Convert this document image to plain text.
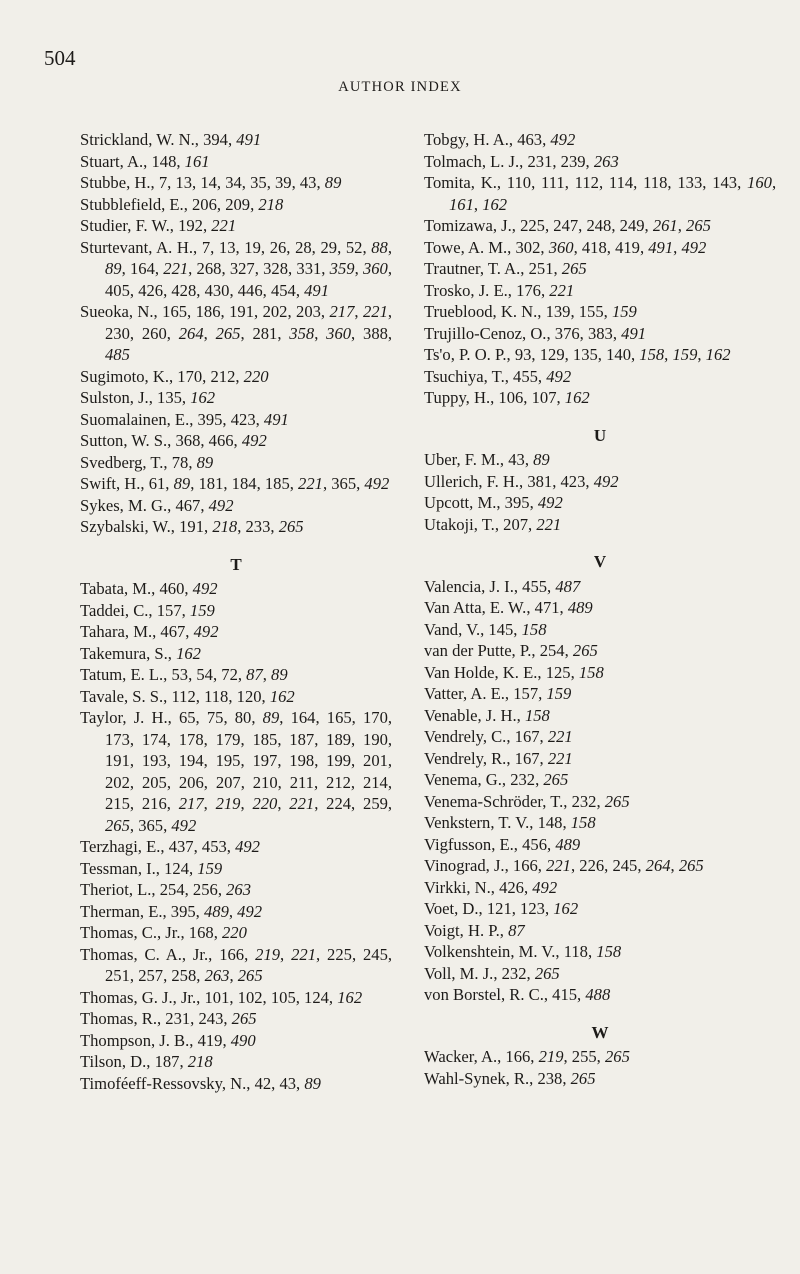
504
AUTHOR INDEX
Strickland, W. N., 394, 491
Stuart, A., 148, 161
Stubbe, H., 7, 13, 14, 34, 35, 39, 43, 89
Stubblefield, E., 206, 209, 218
Studier, F. W., 192, 221
Sturtevant, A. H., 7, 13, 19, 26, 28, 29, 52, 88, 89, 164, 221, 268, 327, 328, 331, 359, 360, 405, 426, 428, 430, 446, 454, 491
Sueoka, N., 165, 186, 191, 202, 203, 217, 221, 230, 260, 264, 265, 281, 358, 360, 388, 485
Sugimoto, K., 170, 212, 220
Sulston, J., 135, 162
Suomalainen, E., 395, 423, 491
Sutton, W. S., 368, 466, 492
Svedberg, T., 78, 89
Swift, H., 61, 89, 181, 184, 185, 221, 365, 492
Sykes, M. G., 467, 492
Szybalski, W., 191, 218, 233, 265
T
Tabata, M., 460, 492
Taddei, C., 157, 159
Tahara, M., 467, 492
Takemura, S., 162
Tatum, E. L., 53, 54, 72, 87, 89
Tavale, S. S., 112, 118, 120, 162
Taylor, J. H., 65, 75, 80, 89, 164, 165, 170, 173, 174, 178, 179, 185, 187, 189, 190, 191, 193, 194, 195, 197, 198, 199, 201, 202, 205, 206, 207, 210, 211, 212, 214, 215, 216, 217, 219, 220, 221, 224, 259, 265, 365, 492
Terzhagi, E., 437, 453, 492
Tessman, I., 124, 159
Theriot, L., 254, 256, 263
Therman, E., 395, 489, 492
Thomas, C., Jr., 168, 220
Thomas, C. A., Jr., 166, 219, 221, 225, 245, 251, 257, 258, 263, 265
Thomas, G. J., Jr., 101, 102, 105, 124, 162
Thomas, R., 231, 243, 265
Thompson, J. B., 419, 490
Tilson, D., 187, 218
Timoféeff-Ressovsky, N., 42, 43, 89
Tobgy, H. A., 463, 492
Tolmach, L. J., 231, 239, 263
Tomita, K., 110, 111, 112, 114, 118, 133, 143, 160, 161, 162
Tomizawa, J., 225, 247, 248, 249, 261, 265
Towe, A. M., 302, 360, 418, 419, 491, 492
Trautner, T. A., 251, 265
Trosko, J. E., 176, 221
Trueblood, K. N., 139, 155, 159
Trujillo-Cenoz, O., 376, 383, 491
Ts'o, P. O. P., 93, 129, 135, 140, 158, 159, 162
Tsuchiya, T., 455, 492
Tuppy, H., 106, 107, 162
U
Uber, F. M., 43, 89
Ullerich, F. H., 381, 423, 492
Upcott, M., 395, 492
Utakoji, T., 207, 221
V
Valencia, J. I., 455, 487
Van Atta, E. W., 471, 489
Vand, V., 145, 158
van der Putte, P., 254, 265
Van Holde, K. E., 125, 158
Vatter, A. E., 157, 159
Venable, J. H., 158
Vendrely, C., 167, 221
Vendrely, R., 167, 221
Venema, G., 232, 265
Venema-Schröder, T., 232, 265
Venkstern, T. V., 148, 158
Vigfusson, E., 456, 489
Vinograd, J., 166, 221, 226, 245, 264, 265
Virkki, N., 426, 492
Voet, D., 121, 123, 162
Voigt, H. P., 87
Volkenshtein, M. V., 118, 158
Voll, M. J., 232, 265
von Borstel, R. C., 415, 488
W
Wacker, A., 166, 219, 255, 265
Wahl-Synek, R., 238, 265
